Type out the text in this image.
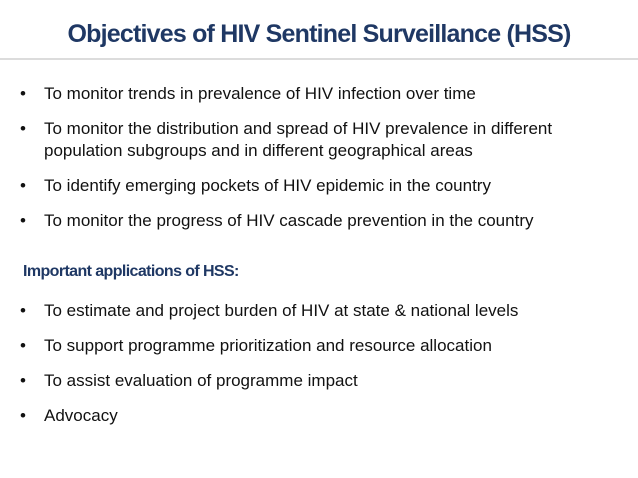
Objectives of HIV Sentinel Surveillance (HSS)
• To monitor trends in prevalence of HIV infection over time
• To monitor the distribution and spread of HIV prevalence in different population subgroups and in different geographical areas
• To identify emerging pockets of HIV epidemic in the country
• To monitor the progress of HIV cascade prevention in the country
Important applications of HSS:
• To estimate and project burden of HIV at state & national levels
• To support programme prioritization and resource allocation
• To assist evaluation of programme impact
• Advocacy
